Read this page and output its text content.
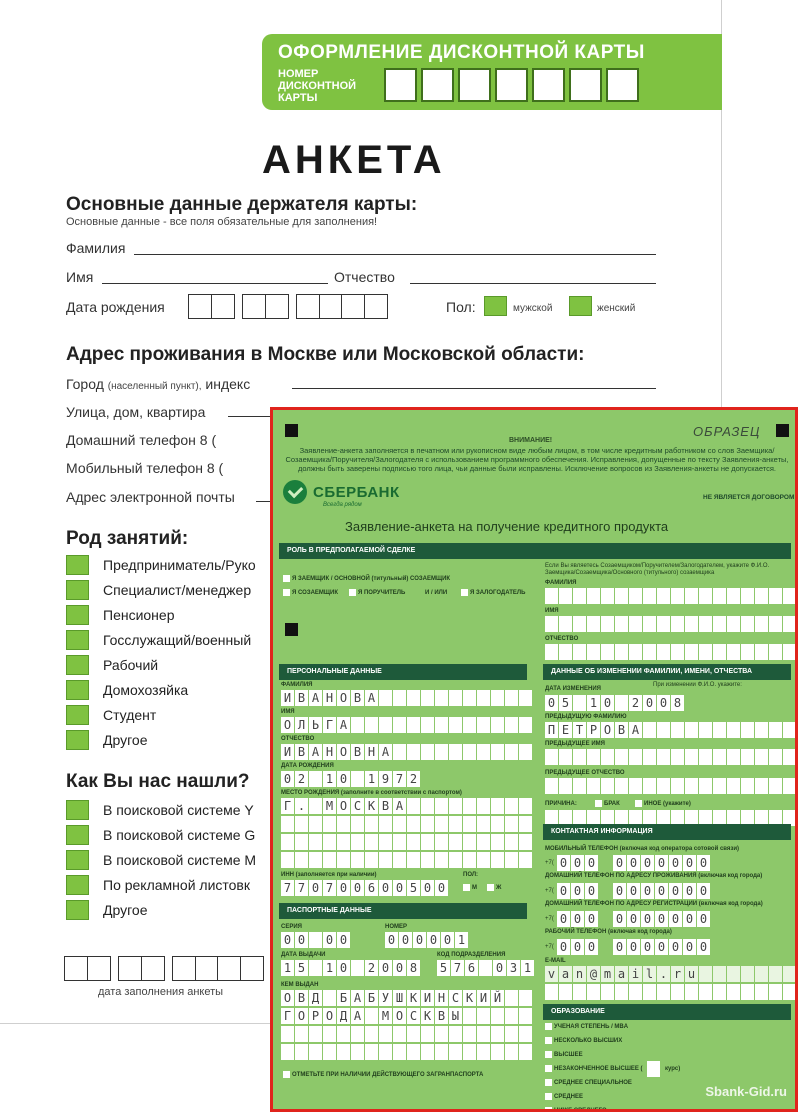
ОФОРМЛЕНИЕ ДИСКОНТНОЙ КАРТЫ
НОМЕР ДИСКОНТНОЙ КАРТЫ
АНКЕТА
Основные данные держателя карты:
Основные данные - все поля обязательные для заполнения!
Фамилия
Имя	Отчество
Дата рождения	Пол:	мужской	женский
Адрес проживания в Москве или Московской области:
Город (населенный пункт), индекс
Улица, дом, квартира
Домашний телефон 8 (
Мобильный телефон 8 (
Адрес электронной почты
Род занятий:
Предприниматель/Руко
Специалист/менеджер
Пенсионер
Госслужащий/военный
Рабочий
Домохозяйка
Студент
Другое
Как Вы нас нашли?
В поисковой системе Y
В поисковой системе G
В поисковой системе M
По рекламной листовк
Другое
дата заполнения анкеты
ОБРАЗЕЦ
ВНИМАНИЕ!
Заявление-анкета заполняется в печатном или рукописном виде любым лицом, в том числе кредитным работником со слов Заемщика/Созаемщика/Поручителя/Залогодателя с использованием программного обеспечения. Исправления, допущенные по тексту Заявления-анкеты, должны быть заверены подписью того лица, чьи данные были исправлены. Исключение вопросов из Заявления-анкеты не допускается.
СБЕРБАНК
Всегда рядом
НЕ ЯВЛЯЕТСЯ ДОГОВОРОМ
Заявление-анкета на получение кредитного продукта
РОЛЬ В ПРЕДПОЛАГАЕМОЙ СДЕЛКЕ
Я ЗАЕМЩИК / ОСНОВНОЙ (титульный) СОЗАЕМЩИК
Я СОЗАЕМЩИК	Я ПОРУЧИТЕЛЬ	И / ИЛИ	Я ЗАЛОГОДАТЕЛЬ
Если Вы являетесь Созаемщиком/Поручителем/Залогодателем, укажите Ф.И.О. Заемщика/Созаемщика/Основного (титульного) созаемщика
ФАМИЛИЯ
ИМЯ
ОТЧЕСТВО
ПЕРСОНАЛЬНЫЕ ДАННЫЕ
ФАМИЛИЯ
И В А Н О В А
ИМЯ
О Л Ь Г А
ОТЧЕСТВО
И В А Н О В Н А
ДАТА РОЖДЕНИЯ
0 2 1 0 1 9 7 2
МЕСТО РОЖДЕНИЯ (заполните в соответствии с паспортом)
Г . М О С К В А
ИНН (заполняется при наличии)
7 7 0 7 0 0 6 0 0 5 0 0
ПОЛ:
М	Ж
ПАСПОРТНЫЕ ДАННЫЕ
СЕРИЯ
0 0 0 0
НОМЕР
0 0 0 0 0 1
ДАТА ВЫДАЧИ
1 5 1 0 2 0 0 8
КОД ПОДРАЗДЕЛЕНИЯ
5 7 6 0 3 1
КЕМ ВЫДАН
О В Д Б А Б У Ш К И Н С К И Й
Г О Р О Д А М О С К В Ы
ОТМЕТЬТЕ ПРИ НАЛИЧИИ ДЕЙСТВУЮЩЕГО ЗАГРАНПАСПОРТА
ДАННЫЕ ОБ ИЗМЕНЕНИИ ФАМИЛИИ, ИМЕНИ, ОТЧЕСТВА
ДАТА ИЗМЕНЕНИЯ
При изменении Ф.И.О. укажите:
0 5 1 0 2 0 0 8
ПРЕДЫДУЩУЮ ФАМИЛИЮ
П Е Т Р О В А
ПРЕДЫДУЩЕЕ ИМЯ
ПРЕДЫДУЩЕЕ ОТЧЕСТВО
ПРИЧИНА:	БРАК	ИНОЕ (укажите)
КОНТАКТНАЯ ИНФОРМАЦИЯ
МОБИЛЬНЫЙ ТЕЛЕФОН (включая код оператора сотовой связи)
+7( 0 0 0 0 0 0 0 0 0 0
ДОМАШНИЙ ТЕЛЕФОН ПО АДРЕСУ ПРОЖИВАНИЯ (включая код города)
+7( 0 0 0 0 0 0 0 0 0 0
ДОМАШНИЙ ТЕЛЕФОН ПО АДРЕСУ РЕГИСТРАЦИИ (включая код города)
+7( 0 0 0 0 0 0 0 0 0 0
РАБОЧИЙ ТЕЛЕФОН (включая код города)
+7( 0 0 0 0 0 0 0 0 0 0
E-MAIL
v a n @ m a i l . r u
ОБРАЗОВАНИЕ
УЧЕНАЯ СТЕПЕНЬ / MBA
НЕСКОЛЬКО ВЫСШИХ
ВЫСШЕЕ
НЕЗАКОНЧЕННОЕ ВЫСШЕЕ (	курс)
СРЕДНЕЕ СПЕЦИАЛЬНОЕ
СРЕДНЕЕ
НИЖЕ СРЕДНЕГО
Sbank-Gid.ru
